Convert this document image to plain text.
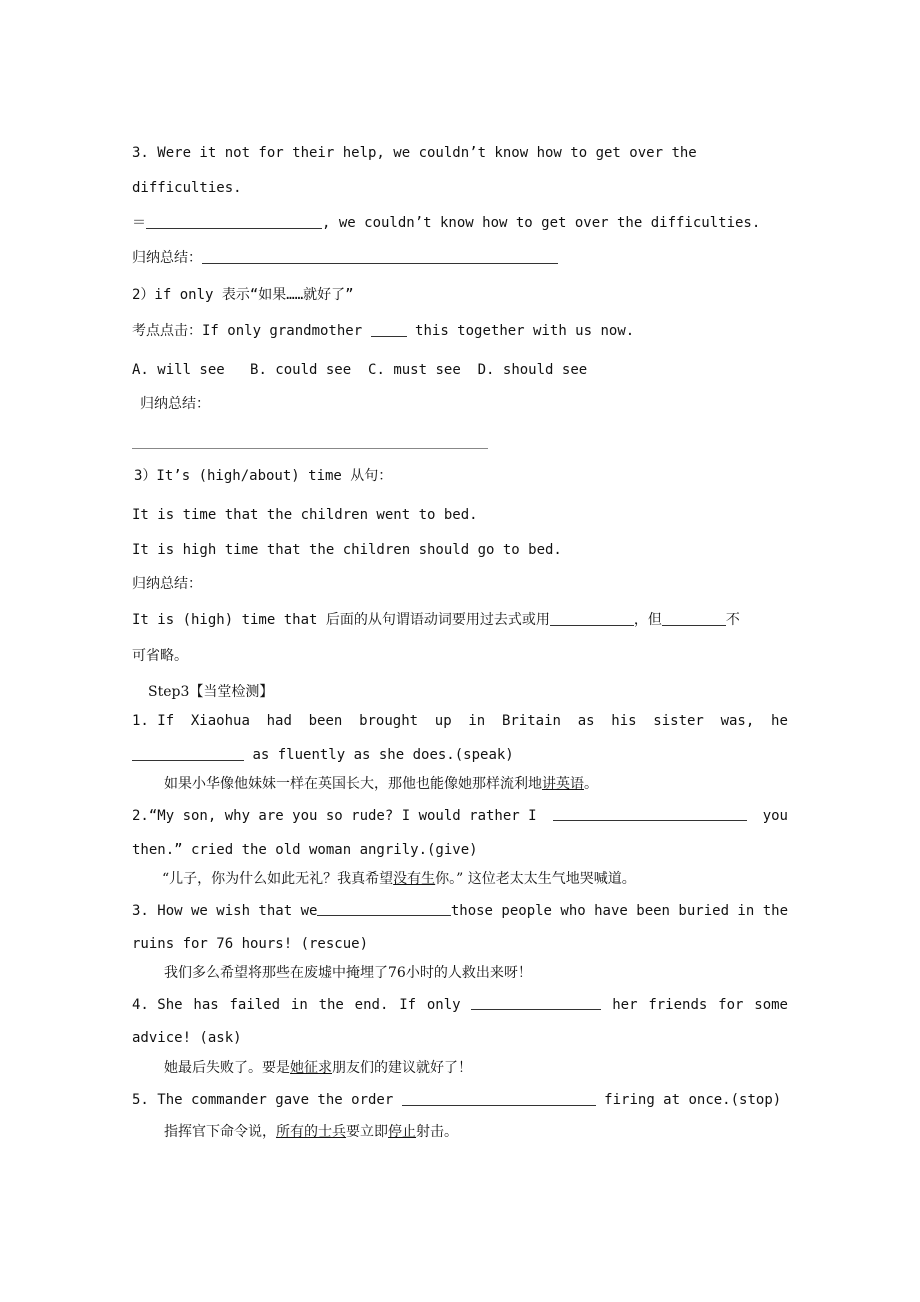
3. Were it not for their help, we couldn’t know how to get over the
difficulties.
＝	, we couldn’t know how to get over the difficulties.
归纳总结：
2）if only 表示“如果……就好了”
考点点击：If only grandmother	this together with us now.
A. will see B. could see C. must see D. should see
归纳总结：
3）It’s (high/about) time 从句：
It is time that the children went to bed.
It is high time that the children should go to bed.
归纳总结：
It is (high) time that 后面的从句谓语动词要用过去式或用	，但	不
可省略。
Step3【当堂检测】
1. If Xiaohua had been brought up in Britain as his sister was, he
as fluently as she does.(speak)
如果小华像他妹妹一样在英国长大，那他也能像她那样流利地讲英语。
2.“My son, why are you so rude? I would rather I	you
then.” cried the old woman angrily.(give)
“儿子，你为什么如此无礼？我真希望没有生你。” 这位老太太生气地哭喊道。
3. How we wish that we	those people who have been buried in the
ruins for 76 hours! (rescue)
我们多么希望将那些在废墟中掩埋了76小时的人救出来呀！
4. She has failed in the end. If only	her friends for some
advice! (ask)
她最后失败了。要是她征求朋友们的建议就好了！
5. The commander gave the order	firing at once.(stop)
指挥官下命令说，所有的士兵要立即停止射击。
